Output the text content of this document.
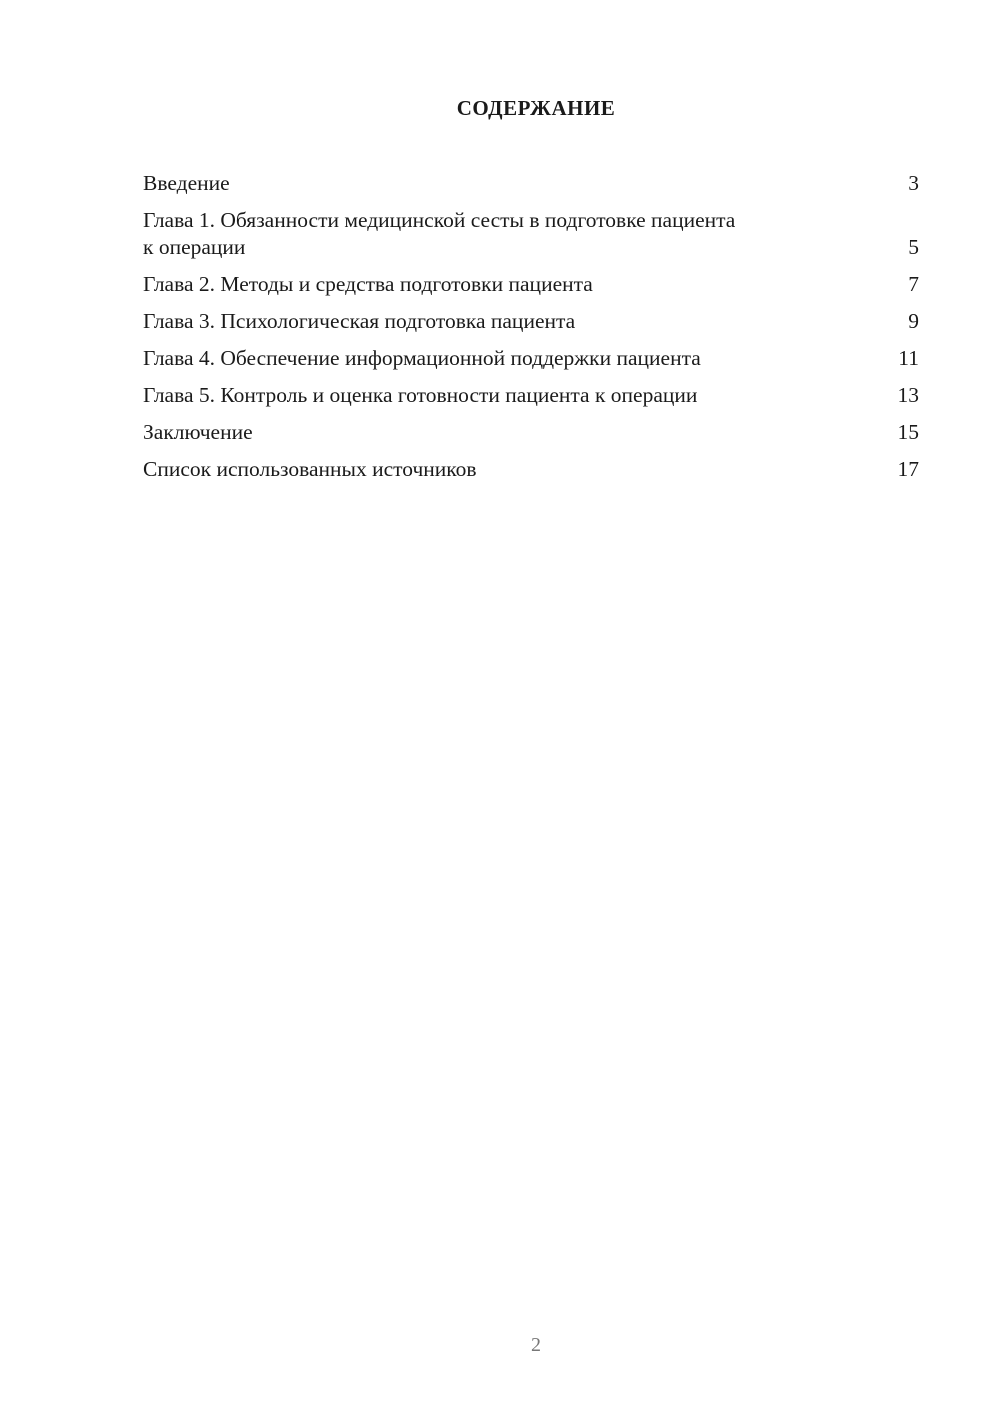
СОДЕРЖАНИЕ
Введение	3
Глава 1. Обязанности медицинской сесты в подготовке пациента к операции	5
Глава 2. Методы и средства подготовки пациента	7
Глава 3. Психологическая подготовка пациента	9
Глава 4. Обеспечение информационной поддержки пациента	11
Глава 5. Контроль и оценка готовности пациента к операции	13
Заключение	15
Список использованных источников	17
2
